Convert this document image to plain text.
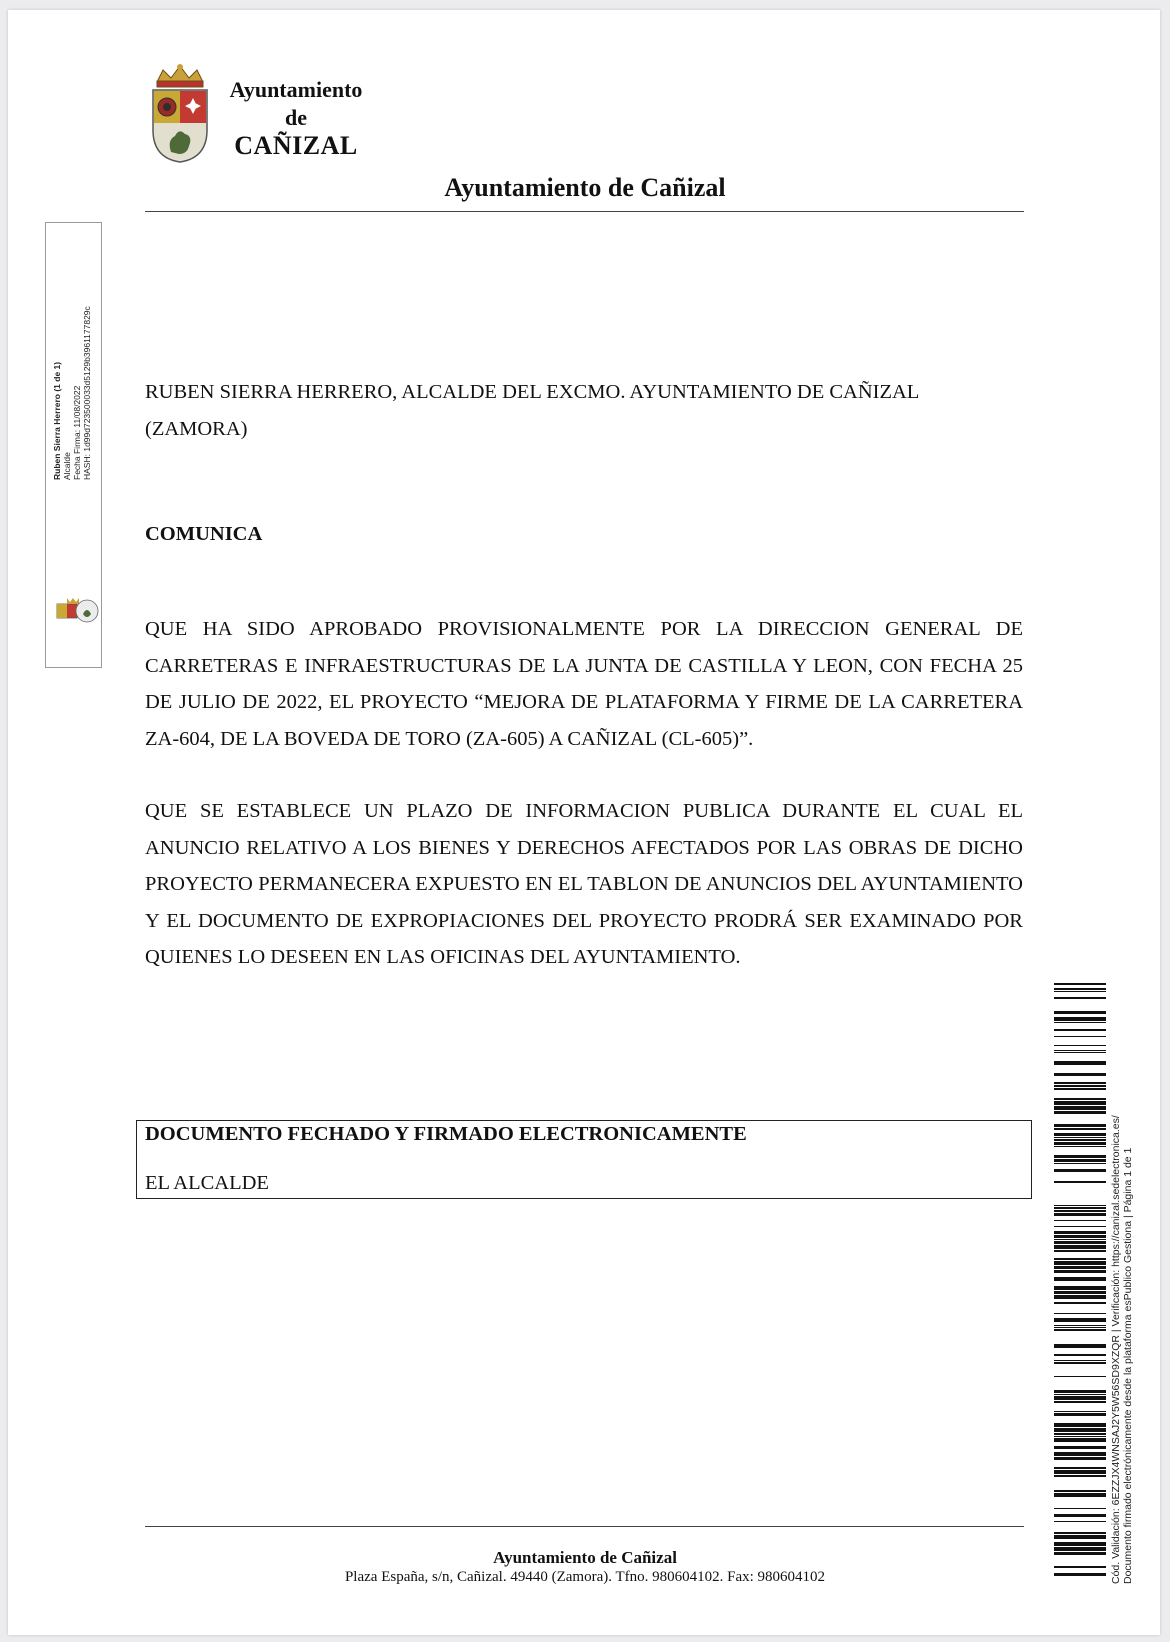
Ayuntamiento
de
CAÑIZAL
Ayuntamiento de Cañizal
Ruben Sierra Herrero (1 de 1) Alcalde Fecha Firma: 11/08/2022 HASH: 1d99d723500033d5129b3961177829c	RUBEN SIERRA HERRERO, ALCALDE DEL EXCMO. AYUNTAMIENTO DE CAÑIZAL (ZAMORA)
COMUNICA
QUE HA SIDO APROBADO PROVISIONALMENTE POR LA DIRECCION GENERAL DE CARRETERAS E INFRAESTRUCTURAS DE LA JUNTA DE CASTILLA Y LEON, CON FECHA 25 DE JULIO DE 2022, EL PROYECTO “MEJORA DE PLATAFORMA Y FIRME DE LA CARRETERA ZA-604, DE LA BOVEDA DE TORO (ZA-605) A CAÑIZAL (CL-605)”.
QUE SE ESTABLECE UN PLAZO DE INFORMACION PUBLICA DURANTE EL CUAL EL ANUNCIO RELATIVO A LOS BIENES Y DERECHOS AFECTADOS POR LAS OBRAS DE DICHO PROYECTO PERMANECERA EXPUESTO EN EL TABLON DE ANUNCIOS DEL AYUNTAMIENTO Y EL DOCUMENTO DE EXPROPIACIONES DEL PROYECTO PRODRÁ SER EXAMINADO POR QUIENES LO DESEEN EN LAS OFICINAS DEL AYUNTAMIENTO.
DOCUMENTO FECHADO Y FIRMADO ELECTRONICAMENTE
EL ALCALDE	Cód. Validación: 6EZZJX4WNSAJ2Y5W56SD9XZQR | Verificación: https://canizal.sedelectronica.es/ Documento firmado electrónicamente desde la plataforma esPublico Gestiona | Página 1 de 1
Ayuntamiento de Cañizal
Plaza España, s/n, Cañizal. 49440 (Zamora). Tfno. 980604102. Fax: 980604102
